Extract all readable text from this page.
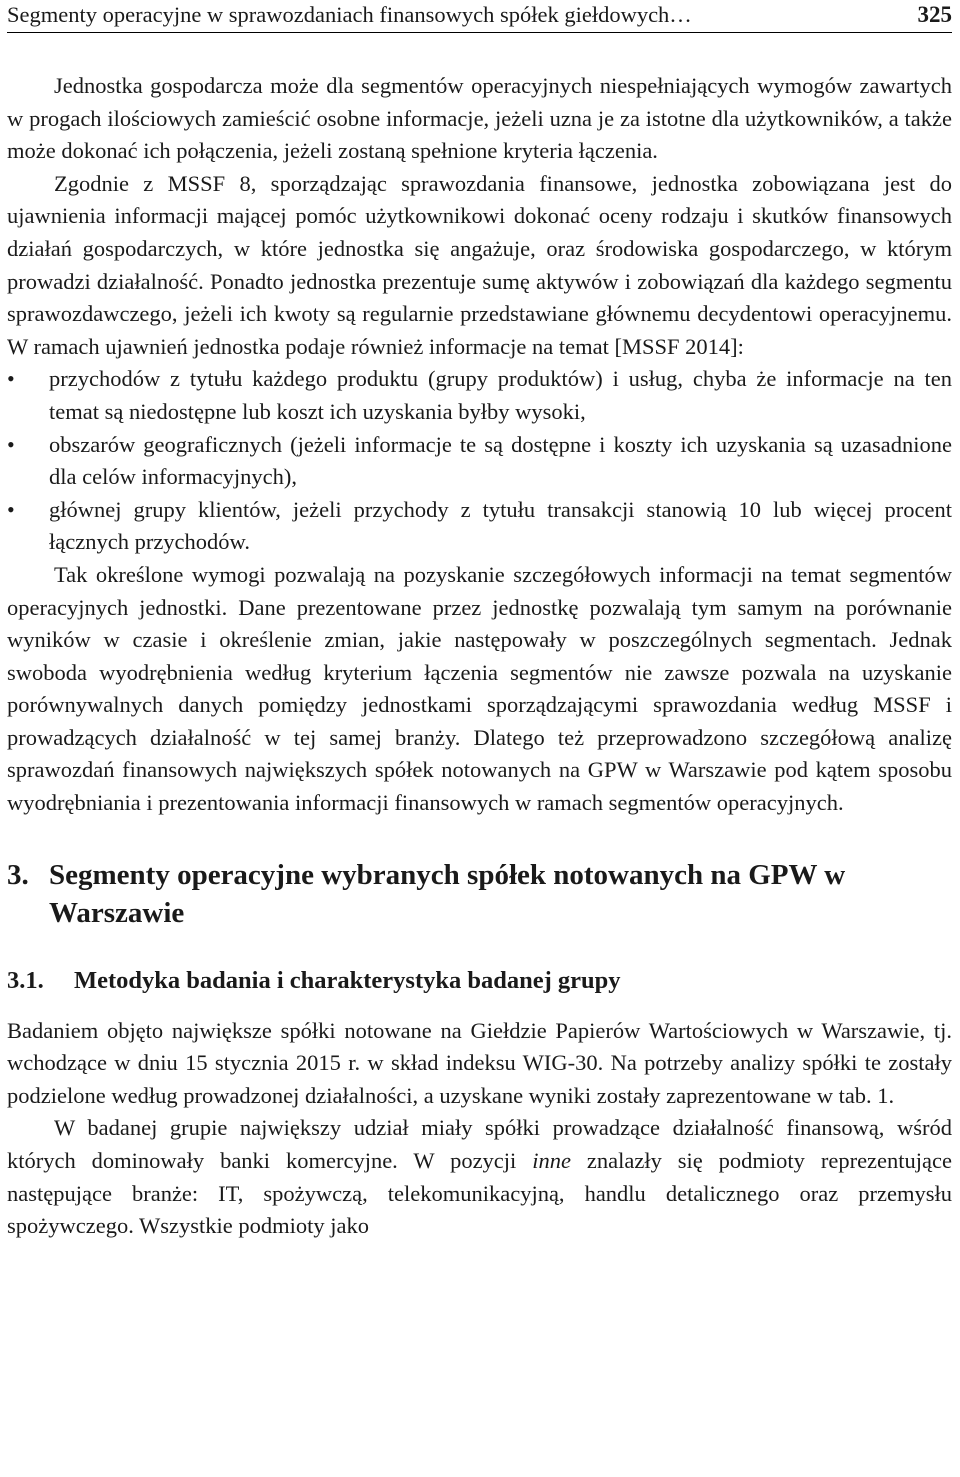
Segmenty operacyjne w sprawozdaniach finansowych spółek giełdowych…	325

Jednostka gospodarcza może dla segmentów operacyjnych niespełniających wymogów zawartych w progach ilościowych zamieścić osobne informacje, jeżeli uzna je za istotne dla użytkowników, a także może dokonać ich połączenia, jeżeli zostaną spełnione kryteria łączenia.

Zgodnie z MSSF 8, sporządzając sprawozdania finansowe, jednostka zobowiązana jest do ujawnienia informacji mającej pomóc użytkownikowi dokonać oceny rodzaju i skutków finansowych działań gospodarczych, w które jednostka się angażuje, oraz środowiska gospodarczego, w którym prowadzi działalność. Ponadto jednostka prezentuje sumę aktywów i zobowiązań dla każdego segmentu sprawozdawczego, jeżeli ich kwoty są regularnie przedstawiane głównemu decydentowi operacyjnemu. W ramach ujawnień jednostka podaje również informacje na temat [MSSF 2014]:

• przychodów z tytułu każdego produktu (grupy produktów) i usług, chyba że informacje na ten temat są niedostępne lub koszt ich uzyskania byłby wysoki,
• obszarów geograficznych (jeżeli informacje te są dostępne i koszty ich uzyskania są uzasadnione dla celów informacyjnych),
• głównej grupy klientów, jeżeli przychody z tytułu transakcji stanowią 10 lub więcej procent łącznych przychodów.

Tak określone wymogi pozwalają na pozyskanie szczegółowych informacji na temat segmentów operacyjnych jednostki. Dane prezentowane przez jednostkę pozwalają tym samym na porównanie wyników w czasie i określenie zmian, jakie następowały w poszczególnych segmentach. Jednak swoboda wyodrębnienia według kryterium łączenia segmentów nie zawsze pozwala na uzyskanie porównywalnych danych pomiędzy jednostkami sporządzającymi sprawozdania według MSSF i prowadzących działalność w tej samej branży. Dlatego też przeprowadzono szczegółową analizę sprawozdań finansowych największych spółek notowanych na GPW w Warszawie pod kątem sposobu wyodrębniania i prezentowania informacji finansowych w ramach segmentów operacyjnych.

3. Segmenty operacyjne wybranych spółek notowanych na GPW w Warszawie
3.1.	Metodyka badania i charakterystyka badanej grupy

Badaniem objęto największe spółki notowane na Giełdzie Papierów Wartościowych w Warszawie, tj. wchodzące w dniu 15 stycznia 2015 r. w skład indeksu WIG-30. Na potrzeby analizy spółki te zostały podzielone według prowadzonej działalności, a uzyskane wyniki zostały zaprezentowane w tab. 1.

W badanej grupie największy udział miały spółki prowadzące działalność finansową, wśród których dominowały banki komercyjne. W pozycji inne znalazły się podmioty reprezentujące następujące branże: IT, spożywczą, telekomunikacyjną, handlu detalicznego oraz przemysłu spożywczego. Wszystkie podmioty jako
